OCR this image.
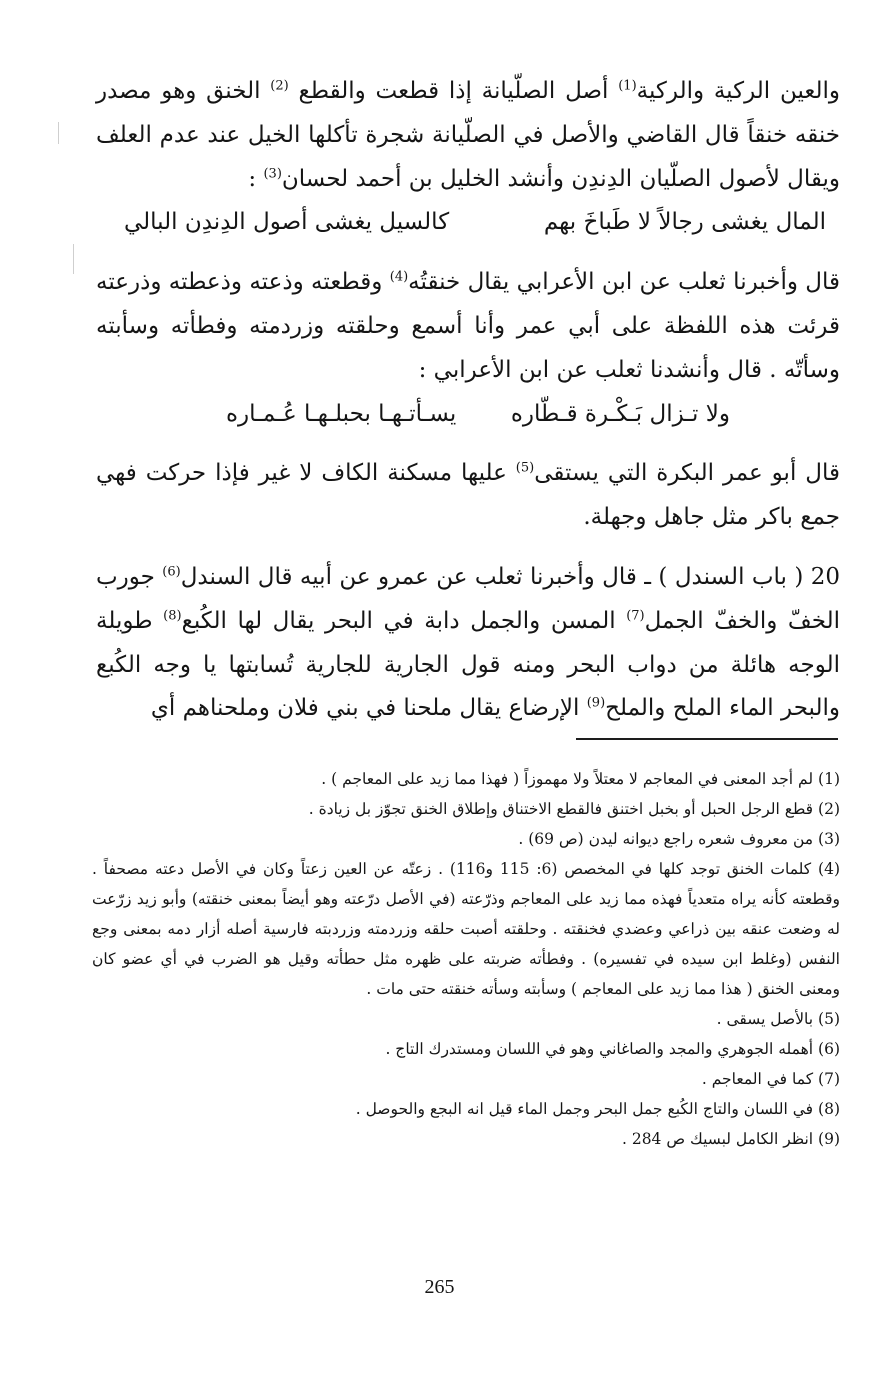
والعين الركية والركية$^{(1)}$ أصل الصلّيانة إذا قطعت والقطع $^{(2)}$ الخنق وهو مصدر خنقه خنقاً قال القاضي والأصل في الصلّيانة شجرة تأكلها الخيل عند عدم العلف ويقال لأصول الصلّيان الدِندِن وأنشد الخليل بن أحمد لحسان$^{(3)}$ :

المال يغشى رجالاً لا طَباخَ بهم
كالسيل يغشى أصول الدِندِن البالي

قال وأخبرنا ثعلب عن ابن الأعرابي يقال خنقتُه$^{(4)}$ وقطعته وذعته وذعطته وذرعته قرئت هذه اللفظة على أبي عمر وأنا أسمع وحلقته وزردمته وفطأته وسأبته وسأتّه . قال وأنشدنا ثعلب عن ابن الأعرابي :

ولا تـزال بَـكْـرة قـطّاره
يسـأتـهـا بحبلـهـا عُـمـاره

قال أبو عمر البكرة التي يستقى$^{(5)}$ عليها مسكنة الكاف لا غير فإذا حركت فهي جمع باكر مثل جاهل وجهلة.

20 ( باب السندل ) ـ قال وأخبرنا ثعلب عن عمرو عن أبيه قال السندل$^{(6)}$ جورب الخفّ والخفّ الجمل$^{(7)}$ المسن والجمل دابة في البحر يقال لها الكُبع$^{(8)}$ طويلة الوجه هائلة من دواب البحر ومنه قول الجارية للجارية تُسابتها يا وجه الكُبع والبحر الماء الملح والملح$^{(9)}$ الإرضاع يقال ملحنا في بني فلان وملحناهم أي

(1) لم أجد المعنى في المعاجم لا معتلاً ولا مهموزاً ( فهذا مما زيد على المعاجم ) .

(2) قطع الرجل الحبل أو بخبل اختنق فالقطع الاختناق وإطلاق الخنق تجوّز بل زيادة .

(3) من معروف شعره راجع ديوانه ليدن (ص 69) .

(4) كلمات الخنق توجد كلها في المخصص (6: 115 و116) . زعتّه عن العين زعتاً وكان في الأصل دعته مصحفاً . وقطعته كأنه يراه متعدياً فهذه مما زيد على المعاجم وذرّعته (في الأصل درّعته وهو أيضاً بمعنى خنقته) وأبو زيد زرّعت له وضعت عنقه بين ذراعي وعضدي فخنقته . وحلقته أصبت حلقه وزردمته وزردبته فارسية أصله أزار دمه بمعنى وجع النفس (وغلط ابن سيده في تفسيره) . وفطأته ضربته على ظهره مثل حطأته وقيل هو الضرب في أي عضو كان ومعنى الخنق ( هذا مما زيد على المعاجم ) وسأبته وسأته خنقته حتى مات .

(5) بالأصل يسقى .

(6) أهمله الجوهري والمجد والصاغاني وهو في اللسان ومستدرك التاج .

(7) كما في المعاجم .

(8) في اللسان والتاج الكُبع جمل البحر وجمل الماء قيل انه البجع والحوصل .

(9) انظر الكامل لبسيك ص 284 .

265
